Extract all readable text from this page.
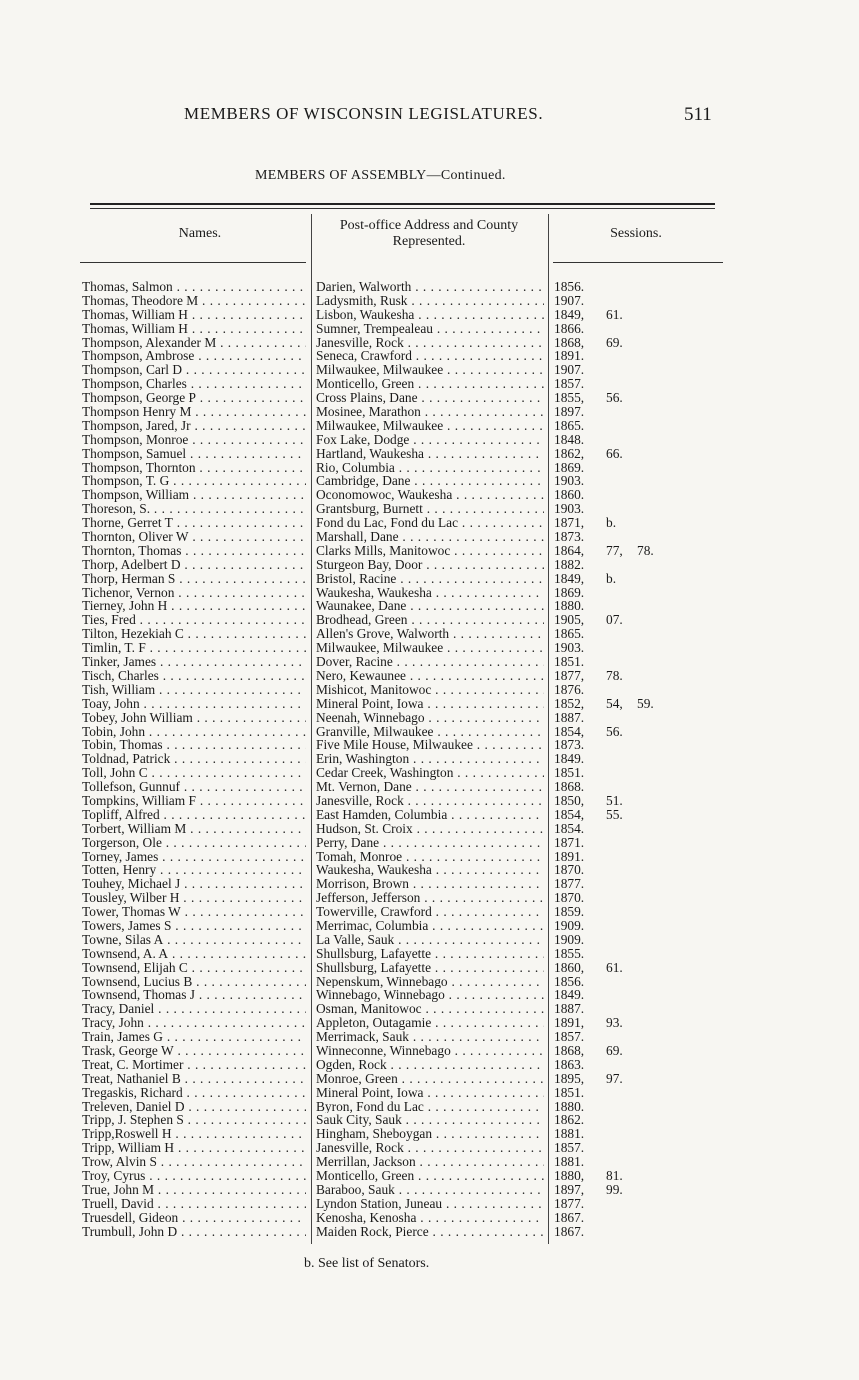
MEMBERS OF WISCONSIN LEGISLATURES.	511
MEMBERS OF ASSEMBLY—Continued.
Names.
Post-office Address and County Represented.
Sessions.
Thomas, Salmon . . .	Darien, Walworth . . .	1856.
Thomas, Theodore M . . .	Ladysmith, Rusk . . .	1907.
Thomas, William H . . .	Lisbon, Waukesha . . .	1849, 61.
Thomas, William H . . .	Sumner, Trempealeau . . .	1866.
Thompson, Alexander M . . .	Janesville, Rock . . .	1868, 69.
Thompson, Ambrose . . .	Seneca, Crawford . . .	1891.
Thompson, Carl D . . .	Milwaukee, Milwaukee . . .	1907.
Thompson, Charles . . .	Monticello, Green . . .	1857.
Thompson, George P . . .	Cross Plains, Dane . . .	1855, 56.
Thompson Henry M . . .	Mosinee, Marathon . . .	1897.
Thompson, Jared, Jr . . .	Milwaukee, Milwaukee . . .	1865.
Thompson, Monroe . . .	Fox Lake, Dodge . . .	1848.
Thompson, Samuel . . .	Hartland, Waukesha . . .	1862, 66.
Thompson, Thornton . . .	Rio, Columbia . . .	1869.
Thompson, T. G . . .	Cambridge, Dane . . .	1903.
Thompson, William . . .	Oconomowoc, Waukesha . . .	1860.
Thoreson, S. . . .	Grantsburg, Burnett . . .	1903.
Thorne, Gerret T . . .	Fond du Lac, Fond du Lac . . .	1871, b.
Thornton, Oliver W . . .	Marshall, Dane . . .	1873.
Thornton, Thomas . . .	Clarks Mills, Manitowoc . . .	1864, 77, 78.
Thorp, Adelbert D . . .	Sturgeon Bay, Door . . .	1882.
Thorp, Herman S . . .	Bristol, Racine . . .	1849, b.
Tichenor, Vernon . . .	Waukesha, Waukesha . . .	1869.
Tierney, John H . . .	Waunakee, Dane . . .	1880.
Ties, Fred . . .	Brodhead, Green . . .	1905, 07.
Tilton, Hezekiah C . . .	Allen's Grove, Walworth . . .	1865.
Timlin, T. F . . .	Milwaukee, Milwaukee . . .	1903.
Tinker, James . . .	Dover, Racine . . .	1851.
Tisch, Charles . . .	Nero, Kewaunee . . .	1877, 78.
Tish, William . . .	Mishicot, Manitowoc . . .	1876.
Toay, John . . .	Mineral Point, Iowa . . .	1852, 54, 59.
Tobey, John William . . .	Neenah, Winnebago . . .	1887.
Tobin, John . . .	Granville, Milwaukee . . .	1854, 56.
Tobin, Thomas . . .	Five Mile House, Milwaukee . . .	1873.
Toldnad, Patrick . . .	Erin, Washington . . .	1849.
Toll, John C . . .	Cedar Creek, Washington . . .	1851.
Tollefson, Gunnuf . . .	Mt. Vernon, Dane . . .	1868.
Tompkins, William F . . .	Janesville, Rock . . .	1850, 51.
Topliff, Alfred . . .	East Hamden, Columbia . . .	1854, 55.
Torbert, William M . . .	Hudson, St. Croix . . .	1854.
Torgerson, Ole . . .	Perry, Dane . . .	1871.
Torney, James . . .	Tomah, Monroe . . .	1891.
Totten, Henry . . .	Waukesha, Waukesha . . .	1870.
Touhey, Michael J . . .	Morrison, Brown . . .	1877.
Tousley, Wilber H . . .	Jefferson, Jefferson . . .	1870.
Tower, Thomas W . . .	Towerville, Crawford . . .	1859.
Towers, James S . . .	Merrimac, Columbia . . .	1909.
Towne, Silas A . . .	La Valle, Sauk . . .	1909.
Townsend, A. A . . .	Shullsburg, Lafayette . . .	1855.
Townsend, Elijah C . . .	Shullsburg, Lafayette . . .	1860, 61.
Townsend, Lucius B . . .	Nepenskum, Winnebago . . .	1856.
Townsend, Thomas J . . .	Winnebago, Winnebago . . .	1849.
Tracy, Daniel . . .	Osman, Manitowoc . . .	1887.
Tracy, John . . .	Appleton, Outagamie . . .	1891, 93.
Train, James G . . .	Merrimack, Sauk . . .	1857.
Trask, George W . . .	Winneconne, Winnebago . . .	1868, 69.
Treat, C. Mortimer . . .	Ogden, Rock . . .	1863.
Treat, Nathaniel B . . .	Monroe, Green . . .	1895, 97.
Tregaskis, Richard . . .	Mineral Point, Iowa . . .	1851.
Treleven, Daniel D . . .	Byron, Fond du Lac . . .	1880.
Tripp, J. Stephen S . . .	Sauk City, Sauk . . .	1862.
Tripp,Roswell H . . .	Hingham, Sheboygan . . .	1881.
Tripp, William H . . .	Janesville, Rock . . .	1857.
Trow, Alvin S . . .	Merrillan, Jackson . . .	1881.
Troy, Cyrus . . .	Monticello, Green . . .	1880, 81.
True, John M . . .	Baraboo, Sauk . . .	1897, 99.
Truell, David . . .	Lyndon Station, Juneau . . .	1877.
Truesdell, Gideon . . .	Kenosha, Kenosha . . .	1867.
Trumbull, John D . . .	Maiden Rock, Pierce . . .	1867.
b. See list of Senators.
